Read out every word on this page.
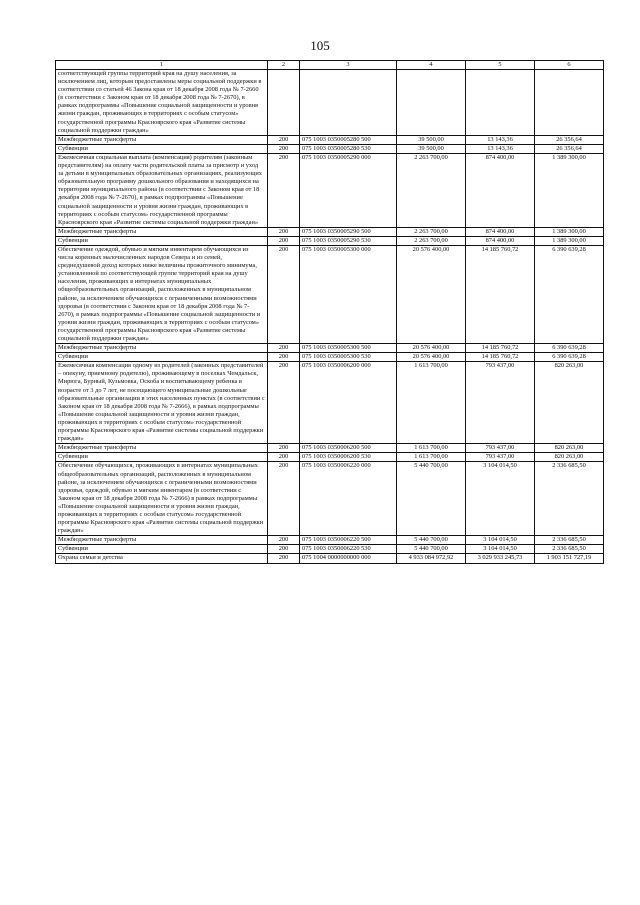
105
1	2	3	4	5	6
соответствующей группы территорий края на душу населения, за исключением лиц, которым предоставлены меры социальной поддержки в соответствии со статьей 46 Закона края от 18 декабря 2008 года № 7-2660 (в соответствии с Законом края от 18 декабря 2008 года № 7-2670), в рамках подпрограммы «Повышение социальной защищенности и уровня жизни граждан, проживающих в территориях с особым статусом» государственной программы Красноярского края «Развитие системы социальной поддержки граждан»					
Межбюджетные трансферты	200	075 1003 0350005280 500	39 500,00	13 143,36	26 356,64
Субвенции	200	075 1003 0350005280 530	39 500,00	13 143,36	26 356,64
Ежемесячная социальная выплата (компенсация) родителям (законным представителям) на оплату части родительской платы за присмотр и уход за детьми в муниципальных образовательных организациях, реализующих образовательную программу дошкольного образования и находящихся на территории муниципального района (в соответствии с Законом края от 18 декабря 2008 года № 7-2670), в рамках подпрограммы «Повышение социальной защищенности и уровня жизни граждан, проживающих в территориях с особым статусом» государственной программы Красноярского края «Развитие системы социальной поддержки граждан»	200	075 1003 0350005290 000	2 263 700,00	874 400,00	1 389 300,00
Межбюджетные трансферты	200	075 1003 0350005290 500	2 263 700,00	874 400,00	1 389 300,00
Субвенции	200	075 1003 0350005290 530	2 263 700,00	874 400,00	1 389 300,00
Обеспечение одеждой, обувью и мягким инвентарем обучающихся из числа коренных малочисленных народов Севера и из семей, среднедушевой доход которых ниже величины прожиточного минимума, установленной по соответствующей группе территорий края на душу населения, проживающих в интернатах муниципальных общеобразовательных организаций, расположенных в муниципальном районе, за исключением обучающихся с ограниченными возможностями здоровья (в соответствии с Законом края от 18 декабря 2008 года № 7-2670), в рамках подпрограммы «Повышение социальной защищенности и уровня жизни граждан, проживающих в территориях с особым статусом» государственной программы Красноярского края «Развитие системы социальной поддержки граждан»	200	075 1003 0350005300 000	20 576 400,00	14 185 760,72	6 390 639,28
Межбюджетные трансферты	200	075 1003 0350005300 500	20 576 400,00	14 185 760,72	6 390 639,28
Субвенции	200	075 1003 0350005300 530	20 576 400,00	14 185 760,72	6 390 639,28
Ежемесячная компенсация одному из родителей (законных представителей – опекуну, приемному родителю), проживающему в поселках Чемдальск, Мирюга, Бурный, Кузьмовка, Оскоба и воспитывающему ребенка в возрасте от 3 до 7 лет, не посещающего муниципальные дошкольные образовательные организации в этих населенных пунктах (в соответствии с Законом края от 18 декабря 2008 года № 7-2666), в рамках подпрограммы «Повышение социальной защищенности и уровня жизни граждан, проживающих в территориях с особым статусом» государственной программы Красноярского края «Развитие системы социальной поддержки граждан»	200	075 1003 0350006200 000	1 613 700,00	793 437,00	820 263,00
Межбюджетные трансферты	200	075 1003 0350006200 500	1 613 700,00	793 437,00	820 263,00
Субвенции	200	075 1003 0350006200 530	1 613 700,00	793 437,00	820 263,00
Обеспечение обучающихся, проживающих в интернатах муниципальных общеобразовательных организаций, расположенных в муниципальном районе, за исключением обучающихся с ограниченными возможностями здоровья, одеждой, обувью и мягким инвентарем (в соответствии с Законом края от 18 декабря 2008 года № 7-2666) в рамках подпрограммы «Повышение социальной защищенности и уровня жизни граждан, проживающих в территориях с особым статусом» государственной программы Красноярского края «Развитие системы социальной поддержки граждан»	200	075 1003 0350006220 000	5 440 700,00	3 104 014,50	2 336 685,50
Межбюджетные трансферты	200	075 1003 0350006220 500	5 440 700,00	3 104 014,50	2 336 685,50
Субвенции	200	075 1003 0350006220 530	5 440 700,00	3 104 014,50	2 336 685,50
Охрана семьи и детства	200	075 1004 0000000000 000	4 933 084 972,92	3 029 933 245,73	1 903 151 727,19
